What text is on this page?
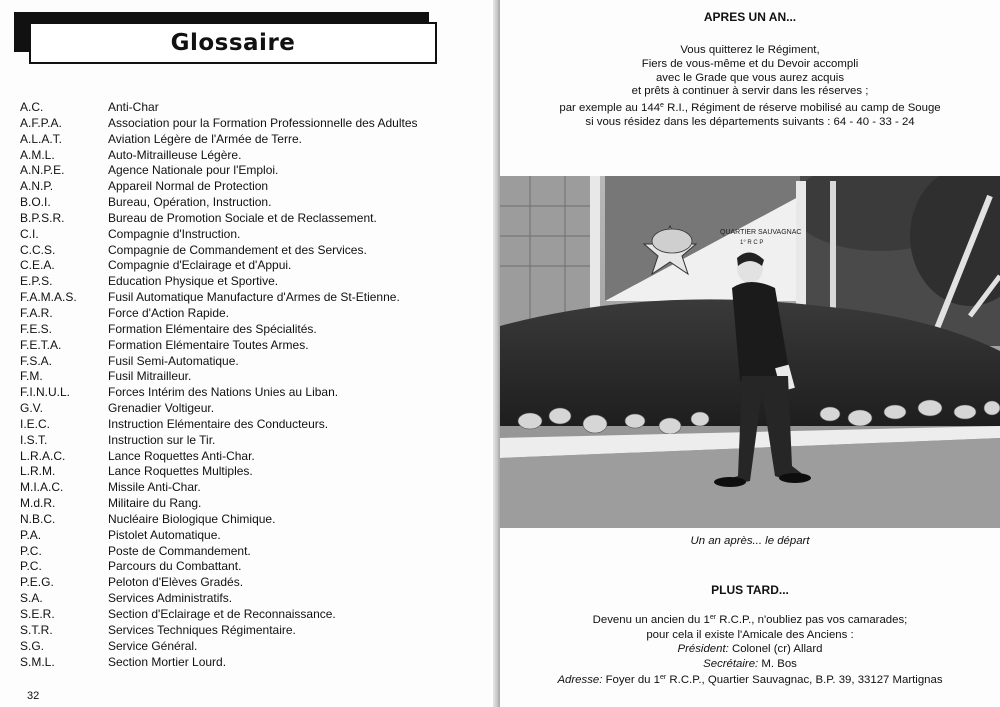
Glossaire
A.C.	Anti-Char
A.F.P.A.	Association pour la Formation Professionnelle des Adultes
A.L.A.T.	Aviation Légère de l'Armée de Terre.
A.M.L.	Auto-Mitrailleuse Légère.
A.N.P.E.	Agence Nationale pour l'Emploi.
A.N.P.	Appareil Normal de Protection
B.O.I.	Bureau, Opération, Instruction.
B.P.S.R.	Bureau de Promotion Sociale et de Reclassement.
C.I.	Compagnie d'Instruction.
C.C.S.	Compagnie de Commandement et des Services.
C.E.A.	Compagnie d'Eclairage et d'Appui.
E.P.S.	Education Physique et Sportive.
F.A.M.A.S.	Fusil Automatique Manufacture d'Armes de St-Etienne.
F.A.R.	Force d'Action Rapide.
F.E.S.	Formation Elémentaire des Spécialités.
F.E.T.A.	Formation Elémentaire Toutes Armes.
F.S.A.	Fusil Semi-Automatique.
F.M.	Fusil Mitrailleur.
F.I.N.U.L.	Forces Intérim des Nations Unies au Liban.
G.V.	Grenadier Voltigeur.
I.E.C.	Instruction Elémentaire des Conducteurs.
I.S.T.	Instruction sur le Tir.
L.R.A.C.	Lance Roquettes Anti-Char.
L.R.M.	Lance Roquettes Multiples.
M.I.A.C.	Missile Anti-Char.
M.d.R.	Militaire du Rang.
N.B.C.	Nucléaire Biologique Chimique.
P.A.	Pistolet Automatique.
P.C.	Poste de Commandement.
P.C.	Parcours du Combattant.
P.E.G.	Peloton d'Elèves Gradés.
S.A.	Services Administratifs.
S.E.R.	Section d'Eclairage et de Reconnaissance.
S.T.R.	Services Techniques Régimentaire.
S.G.	Service Général.
S.M.L.	Section Mortier Lourd.
32
APRES UN AN...
Vous quitterez le Régiment,
Fiers de vous-même et du Devoir accompli
avec le Grade que vous aurez acquis
et prêts à continuer à servir dans les réserves ;
par exemple au 144e R.I., Régiment de réserve mobilisé au camp de Souge
si vous résidez dans les départements suivants : 64 - 40 - 33 - 24
Un an après... le départ
PLUS TARD...
Devenu un ancien du 1er R.C.P., n'oubliez pas vos camarades;
pour cela il existe l'Amicale des Anciens :
Président: Colonel (cr) Allard
Secrétaire: M. Bos
Adresse: Foyer du 1er R.C.P., Quartier Sauvagnac, B.P. 39, 33127 Martignas
QUARTIER SAUVAGNAC
1° R C P
